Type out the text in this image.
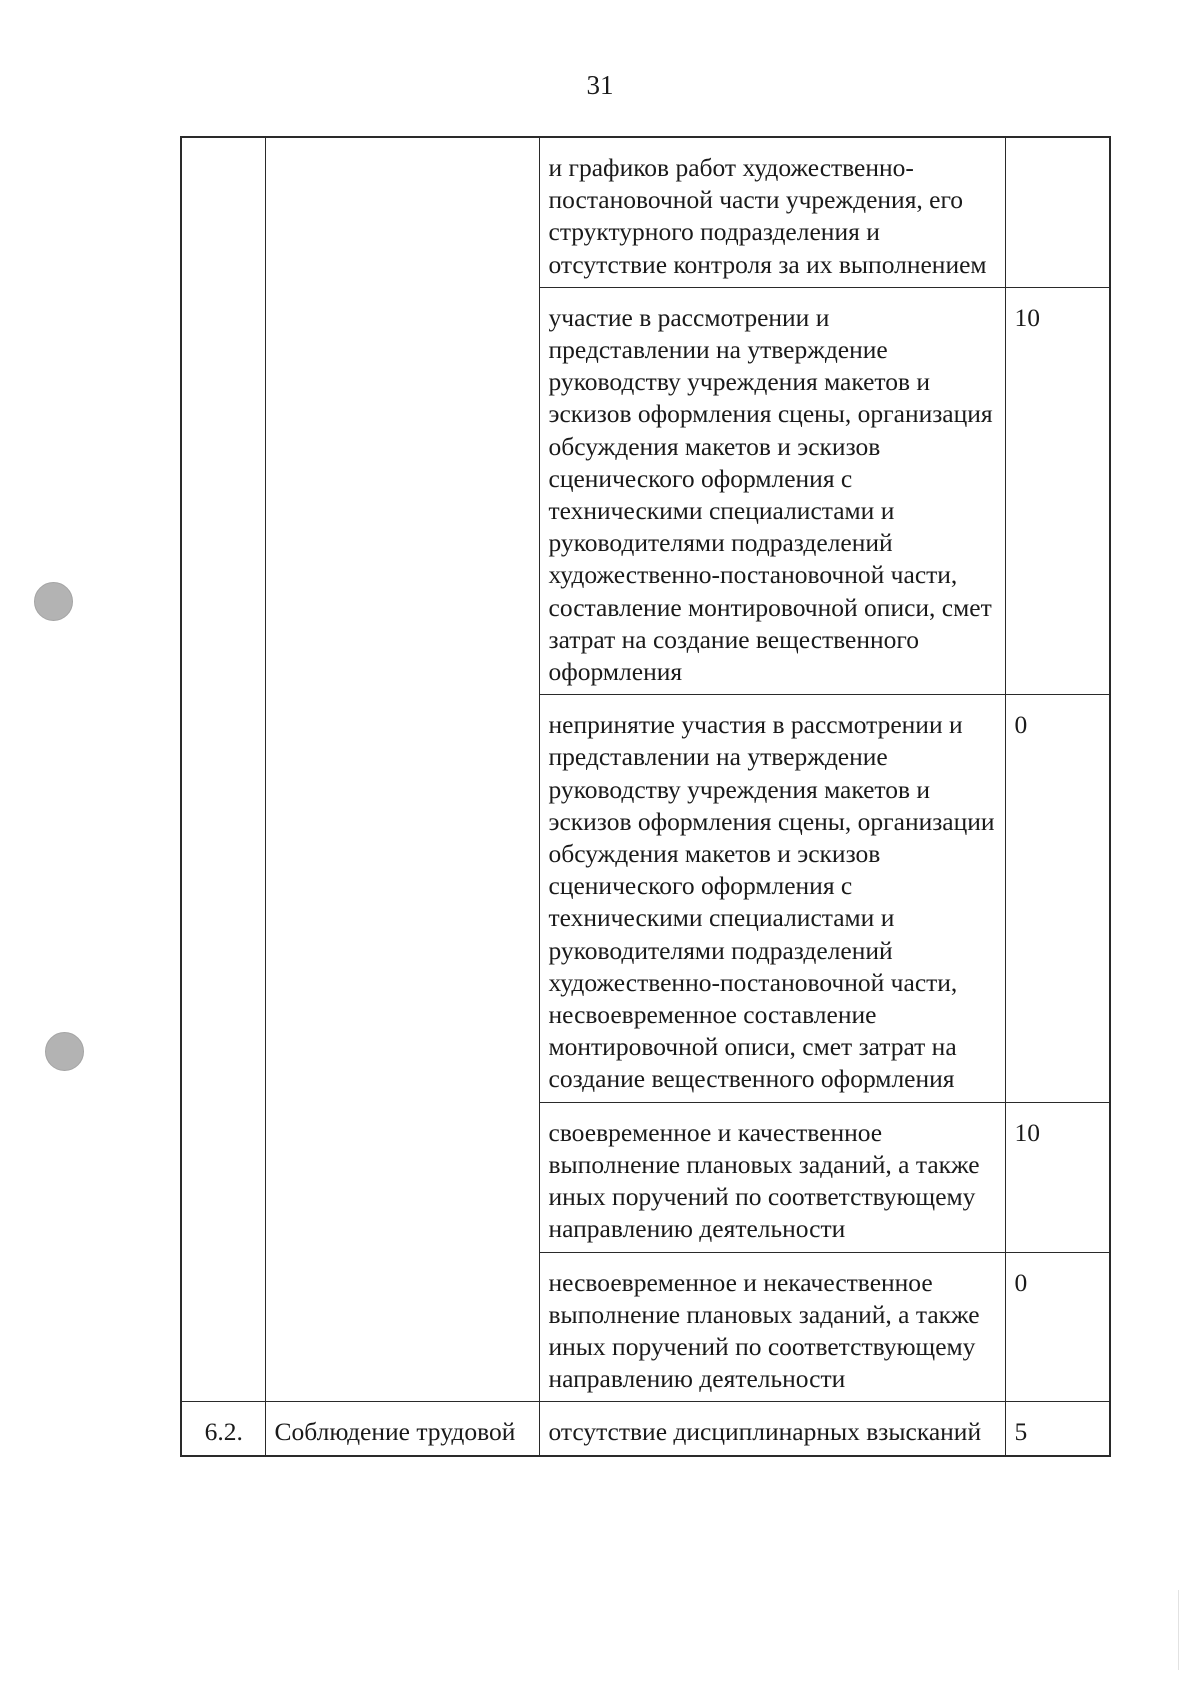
31
		и графиков работ художественно-постановочной части учреждения, его структурного подразделения и отсутствие контроля за их выполнением	
		участие в рассмотрении и представлении на утверждение руководству учреждения макетов и эскизов оформления сцены, организация обсуждения макетов и эскизов сценического оформления с техническими специалистами и руководителями подразделений художественно-постановочной части, составление монтировочной описи, смет затрат на создание вещественного оформления	10
		непринятие участия в рассмотрении и представлении на утверждение руководству учреждения макетов и эскизов оформления сцены, организации обсуждения макетов и эскизов сценического оформления с техническими специалистами и руководителями подразделений художественно-постановочной части, несвоевременное составление монтировочной описи, смет затрат на создание вещественного оформления	0
		своевременное и качественное выполнение плановых заданий, а также иных поручений по соответствующему направлению деятельности	10
		несвоевременное и некачественное выполнение плановых заданий, а также иных поручений по соответствующему направлению деятельности	0
6.2.	Соблюдение трудовой	отсутствие дисциплинарных взысканий	5
